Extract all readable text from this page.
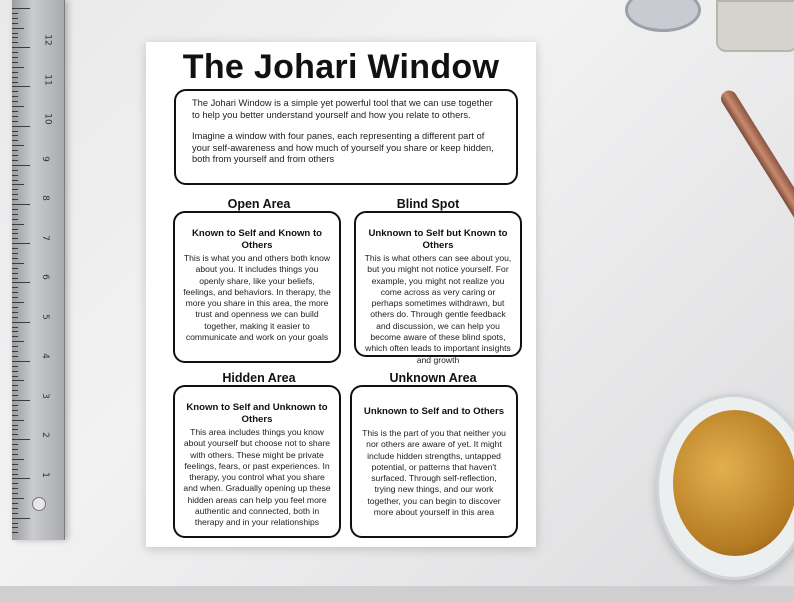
12
11
10
9
8
7
6
5
4
3
2
1
The Johari Window

The Johari Window is a simple yet powerful tool that we can use together to help you better understand yourself and how you relate to others.

Imagine a window with four panes, each representing a different part of your self-awareness and how much of yourself you share or keep hidden, both from yourself and from others

Open Area
Known to Self and Known to Others
This is what you and others both know about you. It includes things you openly share, like your beliefs, feelings, and behaviors. In therapy, the more you share in this area, the more trust and openness we can build together, making it easier to communicate and work on your goals
Blind Spot
Unknown to Self but Known to Others
This is what others can see about you, but you might not notice yourself. For example, you might not realize you come across as very caring or perhaps sometimes withdrawn, but others do. Through gentle feedback and discussion, we can help you become aware of these blind spots, which often leads to important insights and growth
Hidden Area
Known to Self and Unknown to Others
This area includes things you know about yourself but choose not to share with others. These might be private feelings, fears, or past experiences. In therapy, you control what you share and when. Gradually opening up these hidden areas can help you feel more authentic and connected, both in therapy and in your relationships
Unknown Area
Unknown to Self and to Others
This is the part of you that neither you nor others are aware of yet. It might include hidden strengths, untapped potential, or patterns that haven't surfaced. Through self-reflection, trying new things, and our work together, you can begin to discover more about yourself in this area
